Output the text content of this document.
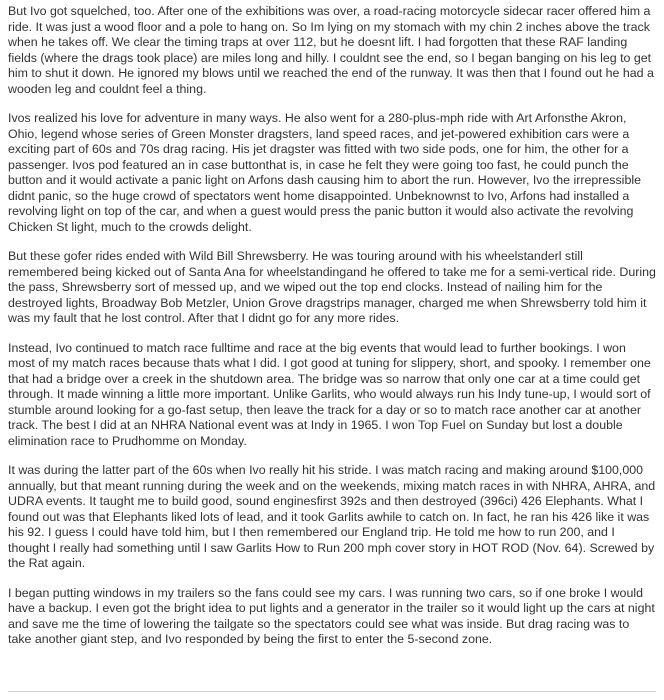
But Ivo got squelched, too. After one of the exhibitions was over, a road-racing motorcycle sidecar racer offered him a ride. It was just a wood floor and a pole to hang on. So Im lying on my stomach with my chin 2 inches above the track when he takes off. We clear the timing traps at over 112, but he doesnt lift. I had forgotten that these RAF landing fields (where the drags took place) are miles long and hilly. I couldnt see the end, so I began banging on his leg to get him to shut it down. He ignored my blows until we reached the end of the runway. It was then that I found out he had a wooden leg and couldnt feel a thing.

Ivos realized his love for adventure in many ways. He also went for a 280-plus-mph ride with Art Arfonsthe Akron, Ohio, legend whose series of Green Monster dragsters, land speed races, and jet-powered exhibition cars were a exciting part of 60s and 70s drag racing. His jet dragster was fitted with two side pods, one for him, the other for a passenger. Ivos pod featured an in case buttonthat is, in case he felt they were going too fast, he could punch the button and it would activate a panic light on Arfons dash causing him to abort the run. However, Ivo the irrepressible didnt panic, so the huge crowd of spectators went home disappointed. Unbeknownst to Ivo, Arfons had installed a revolving light on top of the car, and when a guest would press the panic button it would also activate the revolving Chicken St light, much to the crowds delight.

But these gofer rides ended with Wild Bill Shrewsberry. He was touring around with his wheelstanderl still remembered being kicked out of Santa Ana for wheelstandingand he offered to take me for a semi-vertical ride. During the pass, Shrewsberry sort of messed up, and we wiped out the top end clocks. Instead of nailing him for the destroyed lights, Broadway Bob Metzler, Union Grove dragstrips manager, charged me when Shrewsberry told him it was my fault that he lost control. After that I didnt go for any more rides.

Instead, Ivo continued to match race fulltime and race at the big events that would lead to further bookings. I won most of my match races because thats what I did. I got good at tuning for slippery, short, and spooky. I remember one that had a bridge over a creek in the shutdown area. The bridge was so narrow that only one car at a time could get through. It made winning a little more important. Unlike Garlits, who would always run his Indy tune-up, I would sort of stumble around looking for a go-fast setup, then leave the track for a day or so to match race another car at another track. The best I did at an NHRA National event was at Indy in 1965. I won Top Fuel on Sunday but lost a double elimination race to Prudhomme on Monday.

It was during the latter part of the 60s when Ivo really hit his stride. I was match racing and making around $100,000 annually, but that meant running during the week and on the weekends, mixing match races in with NHRA, AHRA, and UDRA events. It taught me to build good, sound enginesfirst 392s and then destroyed (396ci) 426 Elephants. What I found out was that Elephants liked lots of lead, and it took Garlits awhile to catch on. In fact, he ran his 426 like it was his 92. I guess I could have told him, but I then remembered our England trip. He told me how to run 200, and I thought I really had something until I saw Garlits How to Run 200 mph cover story in HOT ROD (Nov. 64). Screwed by the Rat again.

I began putting windows in my trailers so the fans could see my cars. I was running two cars, so if one broke I would have a backup. I even got the bright idea to put lights and a generator in the trailer so it would light up the cars at night and save me the time of lowering the tailgate so the spectators could see what was inside. But drag racing was to take another giant step, and Ivo responded by being the first to enter the 5-second zone.
